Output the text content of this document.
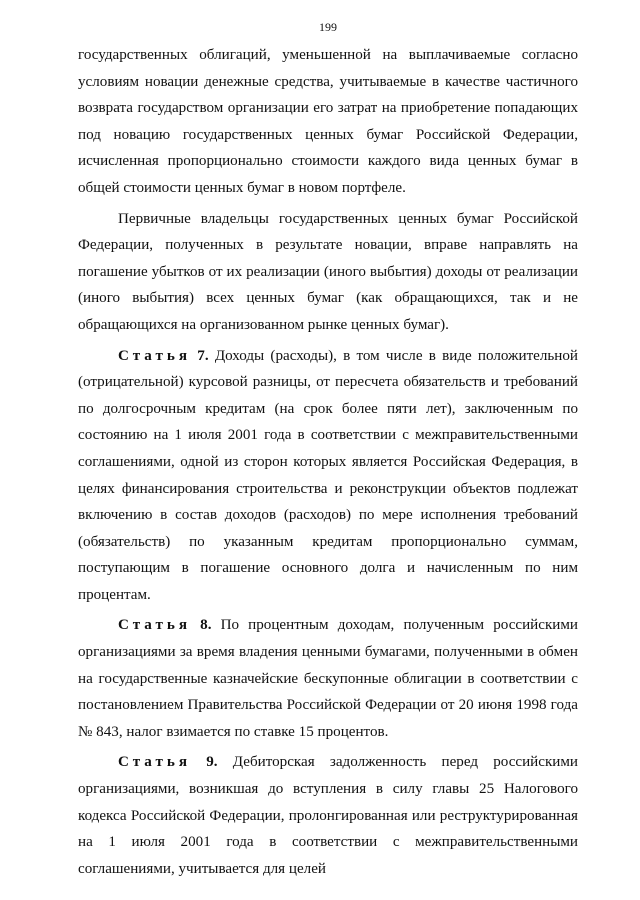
199

государственных облигаций, уменьшенной на выплачиваемые согласно условиям новации денежные средства, учитываемые в качестве частичного возврата государством организации его затрат на приобретение попадающих под новацию государственных ценных бумаг Российской Федерации, исчисленная пропорционально стоимости каждого вида ценных бумаг в общей стоимости ценных бумаг в новом портфеле.

Первичные владельцы государственных ценных бумаг Российской Федерации, полученных в результате новации, вправе направлять на погашение убытков от их реализации (иного выбытия) доходы от реализации (иного выбытия) всех ценных бумаг (как обращающихся, так и не обращающихся на организованном рынке ценных бумаг).

Статья 7. Доходы (расходы), в том числе в виде положительной (отрицательной) курсовой разницы, от пересчета обязательств и требований по долгосрочным кредитам (на срок более пяти лет), заключенным по состоянию на 1 июля 2001 года в соответствии с межправительственными соглашениями, одной из сторон которых является Российская Федерация, в целях финансирования строительства и реконструкции объектов подлежат включению в состав доходов (расходов) по мере исполнения требований (обязательств) по указанным кредитам пропорционально суммам, поступающим в погашение основного долга и начисленным по ним процентам.

Статья 8. По процентным доходам, полученным российскими организациями за время владения ценными бумагами, полученными в обмен на государственные казначейские бескупонные облигации в соответствии с постановлением Правительства Российской Федерации от 20 июня 1998 года № 843, налог взимается по ставке 15 процентов.

Статья 9. Дебиторская задолженность перед российскими организациями, возникшая до вступления в силу главы 25 Налогового кодекса Российской Федерации, пролонгированная или реструктурированная на 1 июля 2001 года в соответствии с межправительственными соглашениями, учитывается для целей
